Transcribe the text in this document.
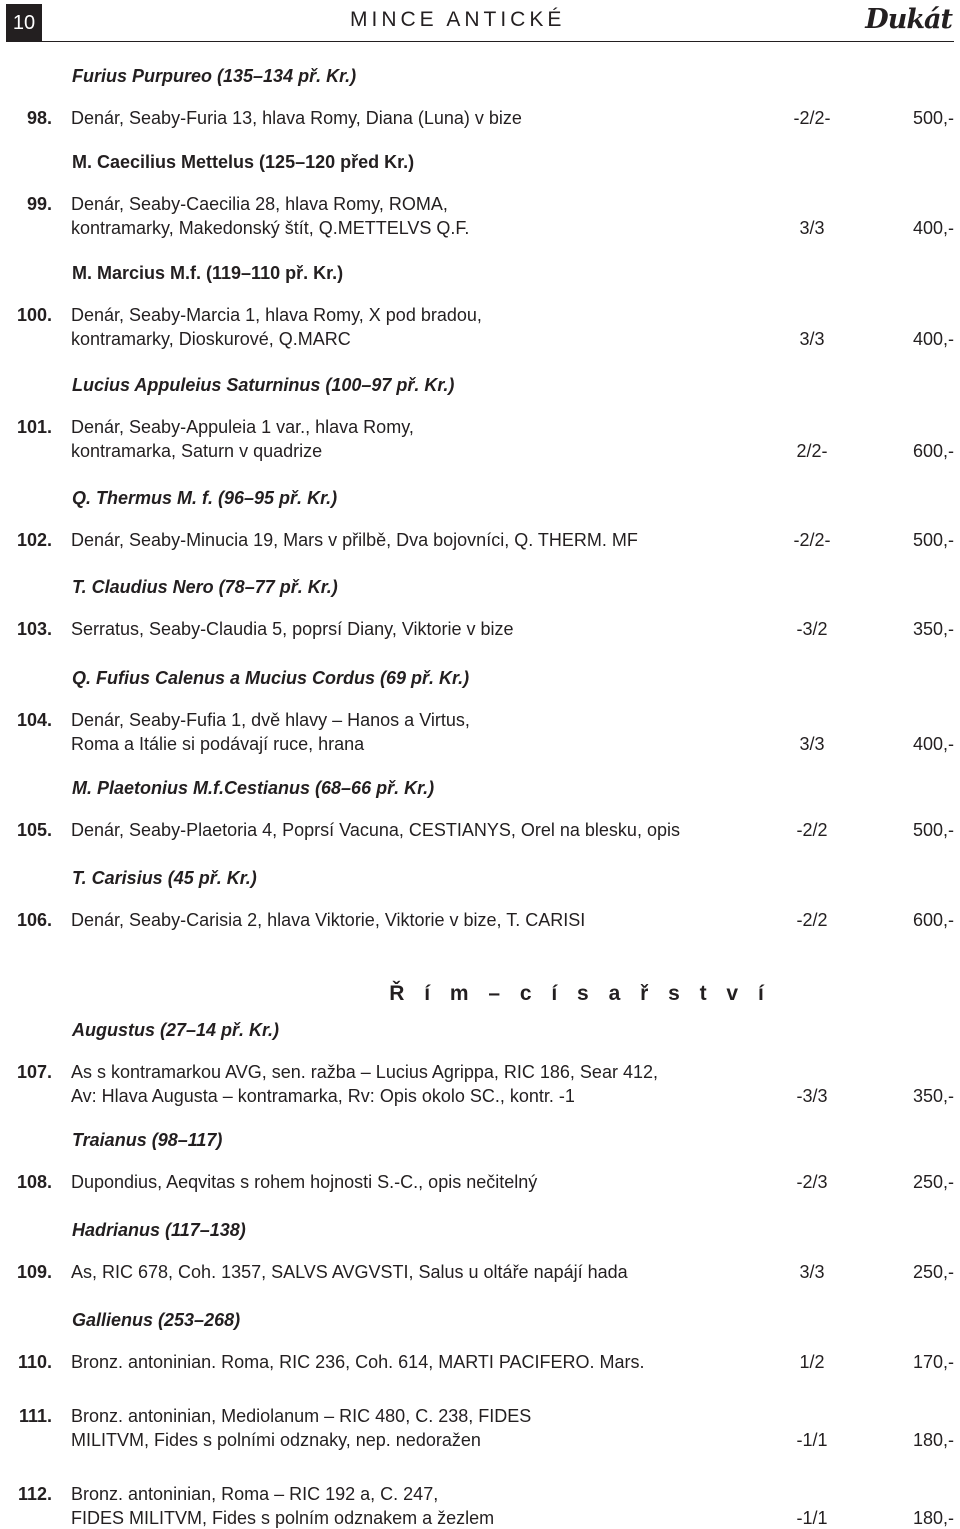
10	MINCE ANTICKÉ	Dukát
Furius Purpureo (135–134 př. Kr.)
98. Denár, Seaby-Furia 13, hlava Romy, Diana (Luna) v bize	-2/2-	500,-
M. Caecilius Mettelus (125–120 před Kr.)
99. Denár, Seaby-Caecilia 28, hlava Romy, ROMA,
kontramarky, Makedonský štít, Q.METTELVS Q.F.	3/3	400,-
M. Marcius M.f. (119–110 př. Kr.)
100. Denár, Seaby-Marcia 1, hlava Romy, X pod bradou,
kontramarky, Dioskurové, Q.MARC	3/3	400,-
Lucius Appuleius Saturninus (100–97 př. Kr.)
101. Denár, Seaby-Appuleia 1 var., hlava Romy,
kontramarka, Saturn v quadrize	2/2-	600,-
Q. Thermus M. f. (96–95 př. Kr.)
102. Denár, Seaby-Minucia 19, Mars v přilbě, Dva bojovníci, Q. THERM. MF	-2/2-	500,-
T. Claudius Nero (78–77 př. Kr.)
103. Serratus, Seaby-Claudia 5, poprsí Diany, Viktorie v bize	-3/2	350,-
Q. Fufius Calenus a Mucius Cordus (69 př. Kr.)
104. Denár, Seaby-Fufia 1, dvě hlavy – Hanos a Virtus,
Roma a Itálie si podávají ruce, hrana	3/3	400,-
M. Plaetonius M.f.Cestianus (68–66 př. Kr.)
105. Denár, Seaby-Plaetoria 4, Poprsí Vacuna, CESTIANYS, Orel na blesku, opis	-2/2	500,-
T. Carisius (45 př. Kr.)
106. Denár, Seaby-Carisia 2, hlava Viktorie, Viktorie v bize, T. CARISI	-2/2	600,-
Augustus (27–14 př. Kr.)
107. As s kontramarkou AVG, sen. ražba – Lucius Agrippa, RIC 186, Sear 412,
Av: Hlava Augusta – kontramarka, Rv: Opis okolo SC., kontr. -1	-3/3	350,-
Traianus (98–117)
108. Dupondius, Aeqvitas s rohem hojnosti S.-C., opis nečitelný	-2/3	250,-
Hadrianus (117–138)
109. As, RIC 678, Coh. 1357, SALVS AVGVSTI, Salus u oltáře napájí hada	3/3	250,-
Gallienus (253–268)
110. Bronz. antoninian. Roma, RIC 236, Coh. 614, MARTI PACIFERO. Mars.	1/2	170,-
111. Bronz. antoninian, Mediolanum – RIC 480, C. 238, FIDES
MILITVM, Fides s polními odznaky, nep. nedoražen	-1/1	180,-
112. Bronz. antoninian, Roma – RIC 192 a, C. 247,
FIDES MILITVM, Fides s polním odznakem a žezlem	-1/1	180,-
Ř í m – c í s a ř s t v í
